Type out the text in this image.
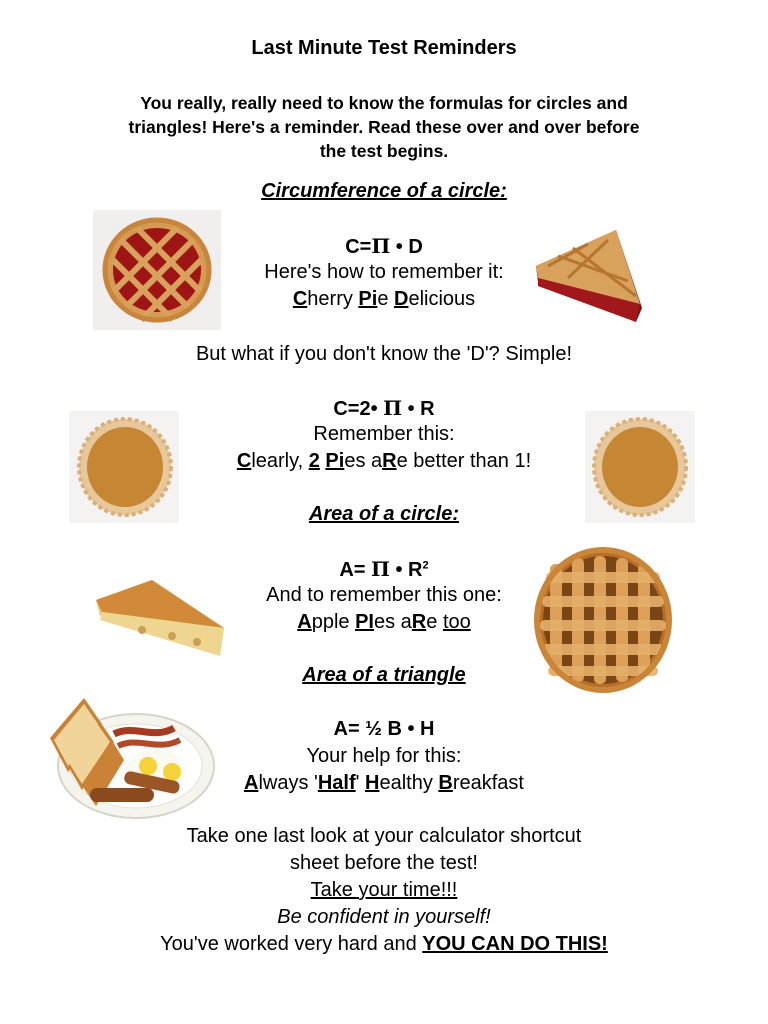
Last Minute Test Reminders
You really, really need to know the formulas for circles and
triangles! Here's a reminder. Read these over and over before
the test begins.
Circumference of a circle:
C=Π • D
Here's how to remember it:
Cherry Pie Delicious
But what if you don't know the 'D'? Simple!
C=2• Π • R
Remember this:
Clearly, 2 Pies aRe better than 1!
Area of a circle:
A= Π • $R^2$
And to remember this one:
Apple PIes aRe too
Area of a triangle
A= ½ B • H
Your help for this:
Always 'Half' Healthy Breakfast
Take one last look at your calculator shortcut
sheet before the test!
Take your time!!!
Be confident in yourself!
You've worked very hard and YOU CAN DO THIS!
